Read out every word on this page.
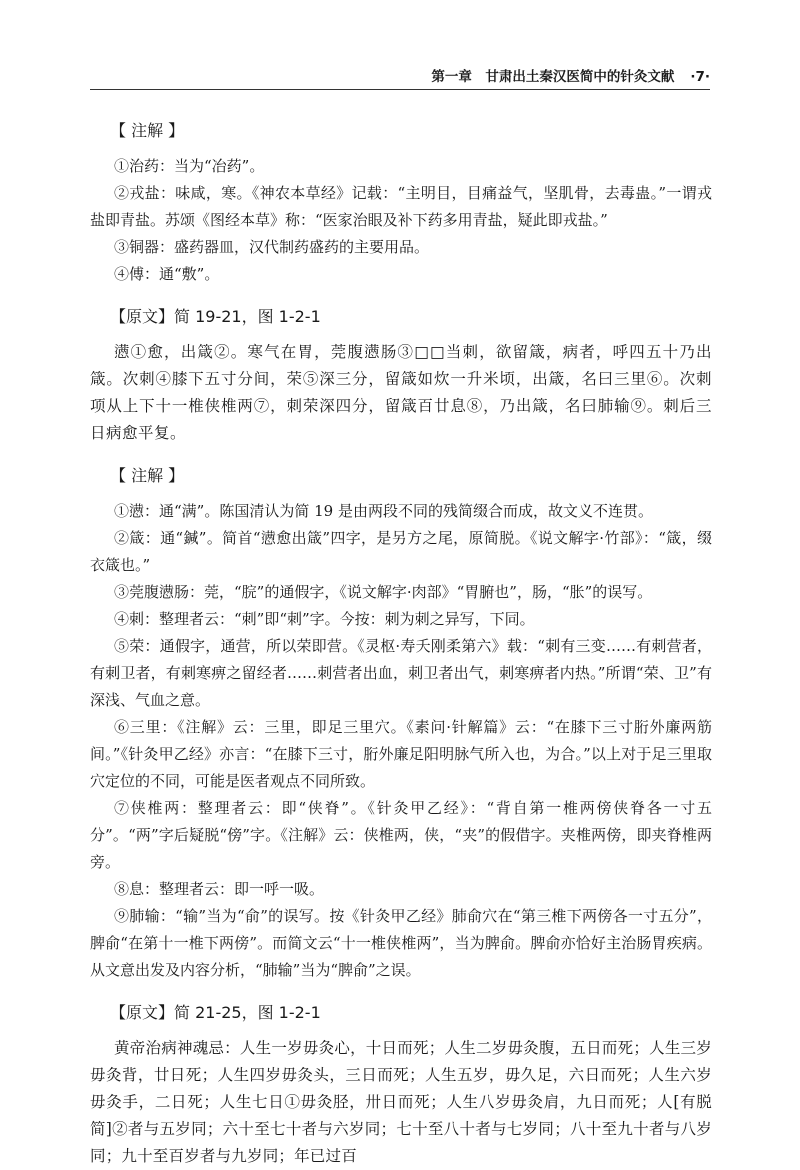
第一章　甘肃出土秦汉医简中的针灸文献 ·7·
【 注解 】

①治药：当为“冶药”。

②戎盐：味咸，寒。《神农本草经》记载：“主明目，目痛益气，坚肌骨，去毒蛊。”一谓戎盐即青盐。苏颂《图经本草》称：“医家治眼及补下药多用青盐，疑此即戎盐。”

③铜器：盛药器皿，汉代制药盛药的主要用品。

④傅：通“敷”。

【原文】简 19-21，图 1-2-1

懑①愈，出箴②。寒气在胃，莞腹懑肠③□□当刺，欲留箴，病者，呼四五十乃出箴。次刺④膝下五寸分间，荣⑤深三分，留箴如炊一升米顷，出箴，名曰三里⑥。次刺项从上下十一椎侠椎两⑦，刺荣深四分，留箴百廿息⑧，乃出箴，名曰肺输⑨。刺后三日病愈平复。

【 注解 】

①懑：通“满”。陈国清认为简 19 是由两段不同的残简缀合而成，故文义不连贯。

②箴：通“鍼”。简首“懑愈出箴”四字，是另方之尾，原简脱。《说文解字·竹部》：“箴，缀衣箴也。”

③莞腹懑肠：莞，“脘”的通假字，《说文解字·肉部》“胃腑也”，肠，“胀”的误写。

④刺：整理者云：“刺”即“刺”字。今按：刺为刺之异写，下同。

⑤荣：通假字，通营，所以荣即营。《灵枢·寿夭刚柔第六》载：“刺有三变……有刺营者，有刺卫者，有刺寒痹之留经者……刺营者出血，刺卫者出气，刺寒痹者内热。”所谓“荣、卫”有深浅、气血之意。

⑥三里：《注解》云：三里，即足三里穴。《素问·针解篇》云：“在膝下三寸胻外廉两筋间。”《针灸甲乙经》亦言：“在膝下三寸，胻外廉足阳明脉气所入也，为合。”以上对于足三里取穴定位的不同，可能是医者观点不同所致。

⑦侠椎两：整理者云：即“侠脊”。《针灸甲乙经》：“背自第一椎两傍侠脊各一寸五分”。“两”字后疑脱“傍”字。《注解》云：侠椎两，侠，“夹”的假借字。夹椎两傍，即夹脊椎两旁。

⑧息：整理者云：即一呼一吸。

⑨肺输：“输”当为“俞”的误写。按《针灸甲乙经》肺俞穴在“第三椎下两傍各一寸五分”，脾俞“在第十一椎下两傍”。而简文云“十一椎侠椎两”，当为脾俞。脾俞亦恰好主治肠胃疾病。从文意出发及内容分析，“肺输”当为“脾俞”之误。

【原文】简 21-25，图 1-2-1

黄帝治病神魂忌：人生一岁毋灸心，十日而死；人生二岁毋灸腹，五日而死；人生三岁毋灸背，廿日死；人生四岁毋灸头，三日而死；人生五岁，毋久足，六日而死；人生六岁毋灸手，二日死；人生七日①毋灸胫，卅日而死；人生八岁毋灸肩，九日而死；人[有脱简]②者与五岁同；六十至七十者与六岁同；七十至八十者与七岁同；八十至九十者与八岁同；九十至百岁者与九岁同；年已过百
